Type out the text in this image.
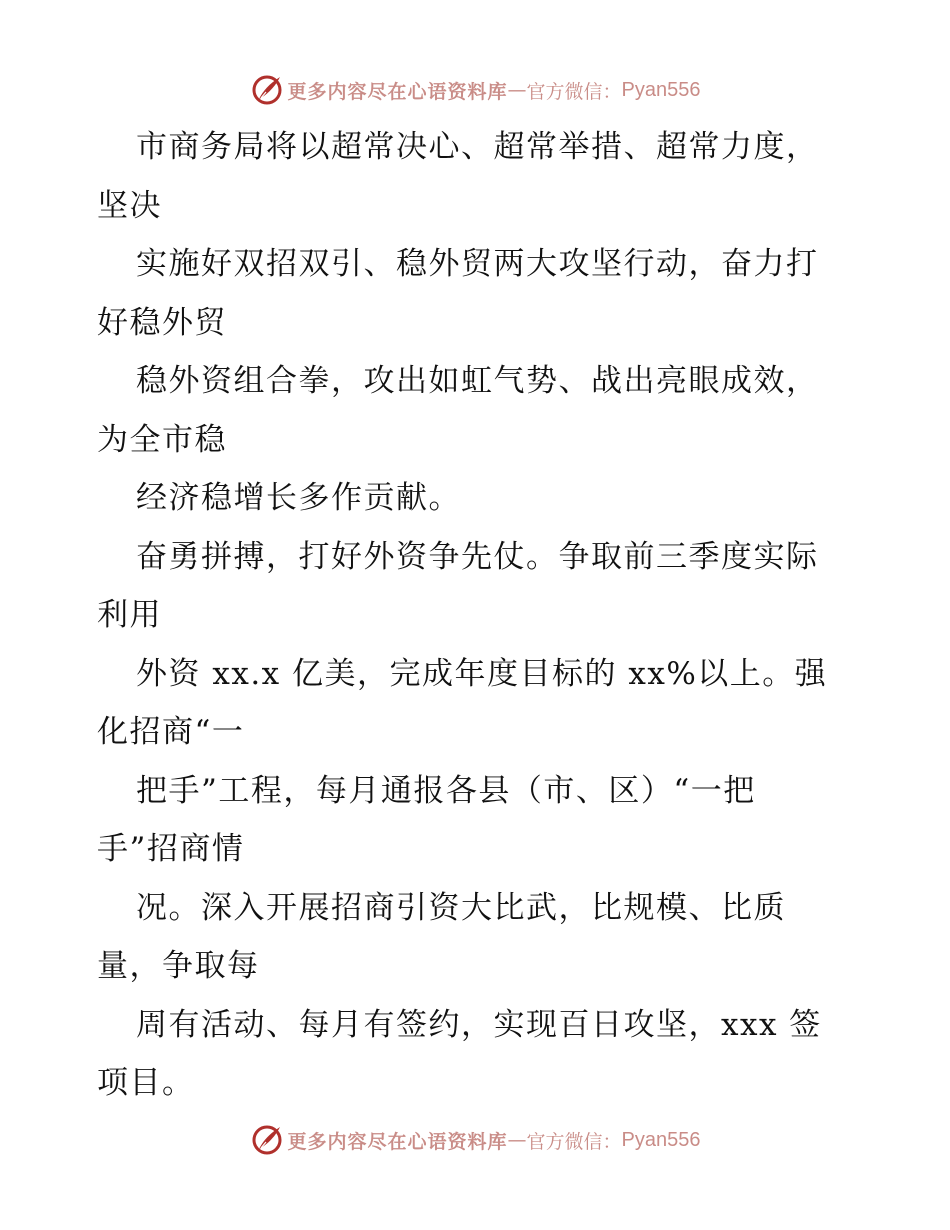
更多内容尽在心语资料库 — 官方微信： Pyan556
市商务局将以超常决心、超常举措、超常力度，
坚决
实施好双招双引、稳外贸两大攻坚行动，奋力打
好稳外贸
稳外资组合拳，攻出如虹气势、战出亮眼成效，
为全市稳
经济稳增长多作贡献。
奋勇拼搏，打好外资争先仗。争取前三季度实际
利用
外资 xx.x 亿美，完成年度目标的 xx%以上。强
化招商“一
把手”工程，每月通报各县（市、区）“一把
手”招商情
况。深入开展招商引资大比武，比规模、比质
量，争取每
周有活动、每月有签约，实现百日攻坚，xxx 签
项目。
更多内容尽在心语资料库 — 官方微信： Pyan556
